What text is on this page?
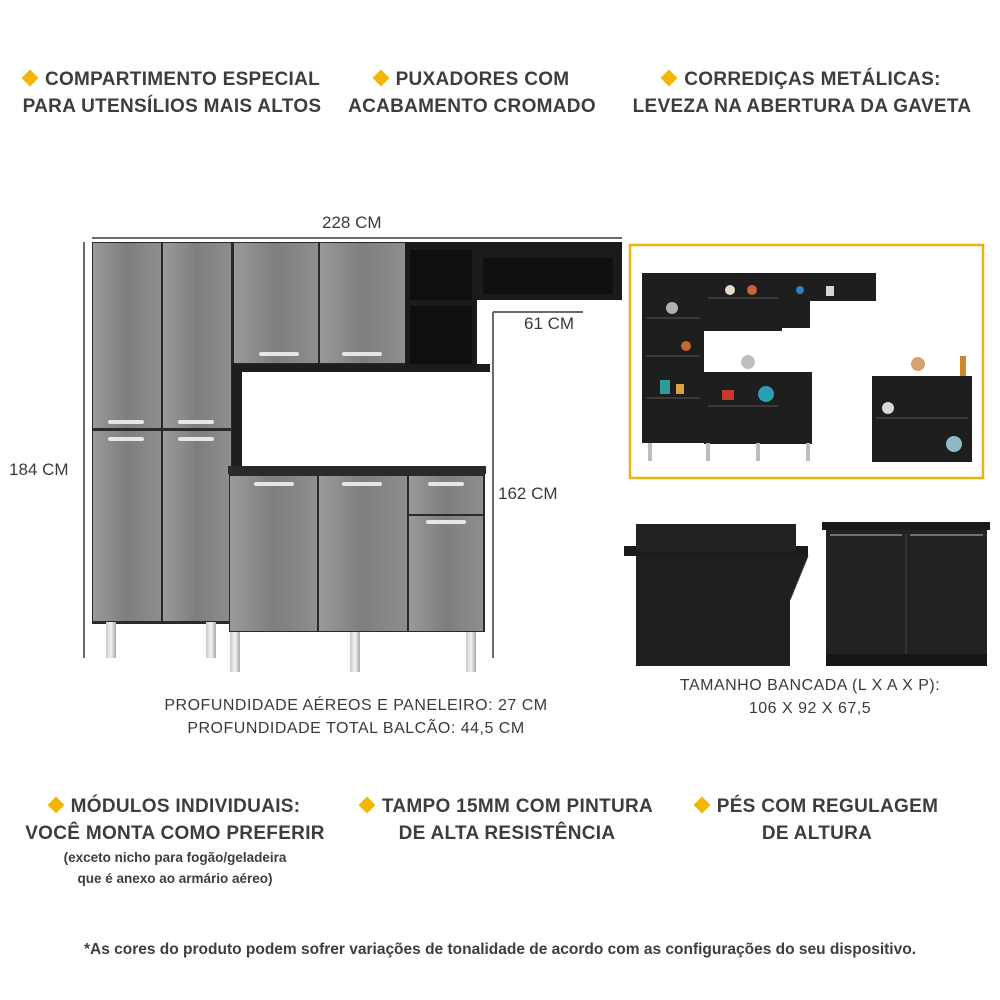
COMPARTIMENTO ESPECIAL
PARA UTENSÍLIOS MAIS ALTOS
PUXADORES COM
ACABAMENTO CROMADO
CORREDIÇAS METÁLICAS:
LEVEZA NA ABERTURA DA GAVETA
228 CM
184 CM
61 CM
162 CM
PROFUNDIDADE AÉREOS E PANELEIRO: 27 CM
PROFUNDIDADE TOTAL BALCÃO: 44,5 CM
TAMANHO BANCADA (L X A X P):
106 X 92 X 67,5
MÓDULOS INDIVIDUAIS:
VOCÊ MONTA COMO PREFERIR
(exceto nicho para fogão/geladeira
que é anexo ao armário aéreo)
TAMPO 15MM COM PINTURA
DE ALTA RESISTÊNCIA
PÉS COM REGULAGEM
DE ALTURA
*As cores do produto podem sofrer variações de tonalidade de acordo com as configurações do seu dispositivo.
